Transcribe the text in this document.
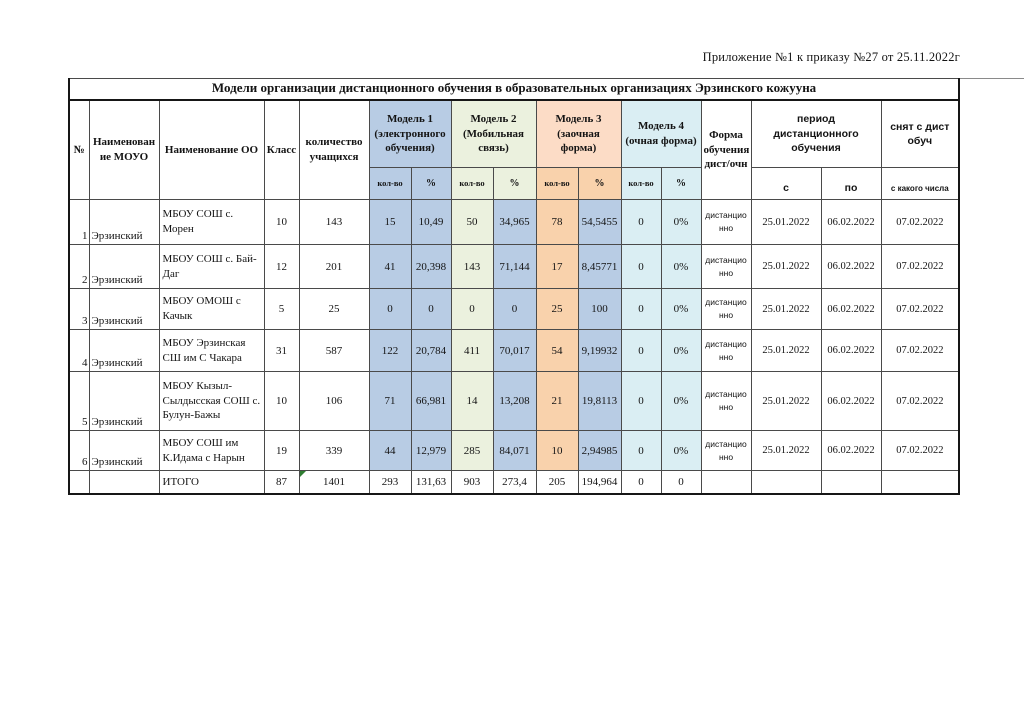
Приложение №1 к приказу №27 от 25.11.2022г
Модели организации дистанционного обучения в образовательных организациях Эрзинского кожууна																
№	Наименование МОУО	Наименование ОО	Класс	количество учащихся	Модель 1 (электронного обучения)		Модель 2 (Мобильная связь)		Модель 3 (заочная форма)		Модель 4 (очная форма)		Форма обучения дист/очн	период дистанционного обучения		снят с дист обуч
					кол-во	%	кол-во	%	кол-во	%	кол-во	%		с	по	с какого числа
1	Эрзинский	МБОУ СОШ с. Морен	10	143	15	10,49	50	34,965	78	54,5455	0	0%	дистанционно	25.01.2022	06.02.2022	07.02.2022
2	Эрзинский	МБОУ СОШ с. Бай-Даг	12	201	41	20,398	143	71,144	17	8,45771	0	0%	дистанционно	25.01.2022	06.02.2022	07.02.2022
3	Эрзинский	МБОУ ОМОШ с Качык	5	25	0	0	0	0	25	100	0	0%	дистанционно	25.01.2022	06.02.2022	07.02.2022
4	Эрзинский	МБОУ Эрзинская СШ им С Чакара	31	587	122	20,784	411	70,017	54	9,19932	0	0%	дистанционно	25.01.2022	06.02.2022	07.02.2022
5	Эрзинский	МБОУ Кызыл-Сылдысская СОШ с. Булун-Бажы	10	106	71	66,981	14	13,208	21	19,8113	0	0%	дистанционно	25.01.2022	06.02.2022	07.02.2022
6	Эрзинский	МБОУ СОШ им К.Идама с Нарын	19	339	44	12,979	285	84,071	10	2,94985	0	0%	дистанционно	25.01.2022	06.02.2022	07.02.2022
		ИТОГО	87	1401	293	131,63	903	273,4	205	194,964	0	0				
